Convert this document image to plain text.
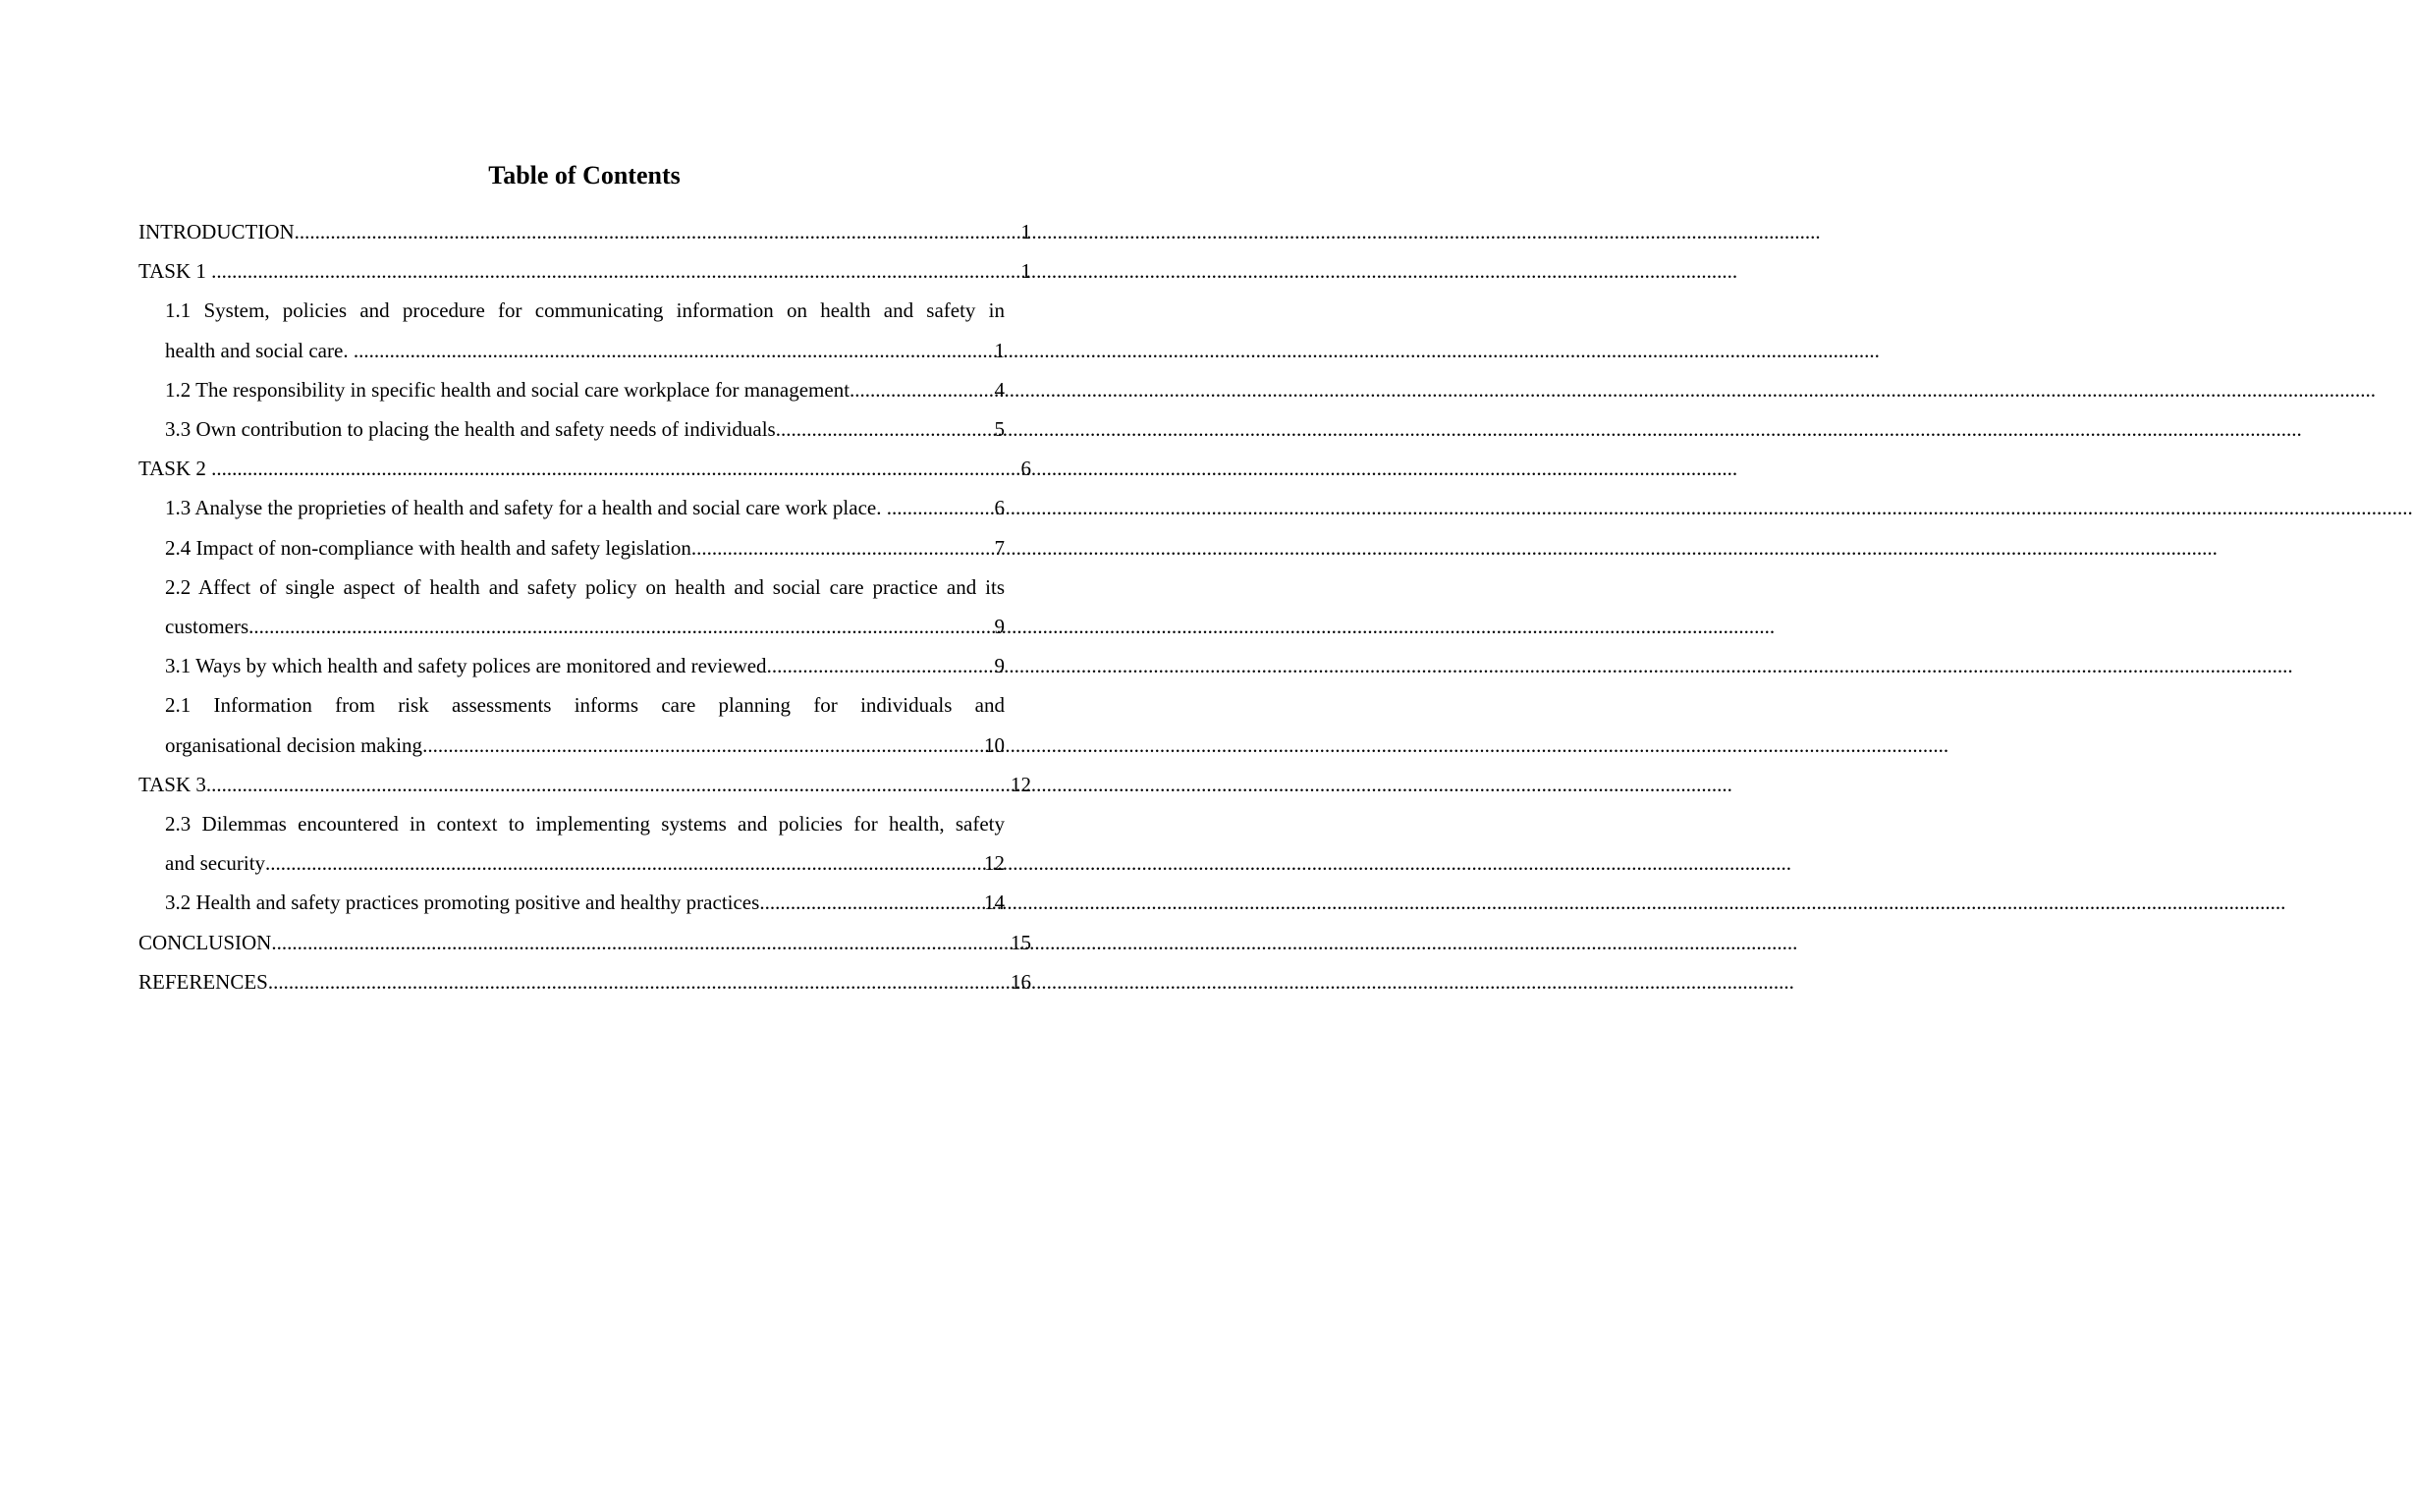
Table of Contents
INTRODUCTION .....	1
TASK 1 .....	1
1.1 System, policies and procedure for communicating information on health and safety in
health and social care. .....	1
1.2 The responsibility in specific health and social care workplace for management .....	4
3.3 Own contribution to placing the health and safety needs of individuals .....	5
TASK 2 .....	6
1.3 Analyse the proprieties of health and safety for a health and social care work place. .....	6
2.4 Impact of non-compliance with health and safety legislation .....	7
2.2 Affect of single aspect of health and safety policy on health and social care practice and its
customers .....	9
3.1 Ways by which health and safety polices are monitored and reviewed .....	9
2.1 Information from risk assessments informs care planning for individuals and
organisational decision making .....	10
TASK 3 .....	12
2.3 Dilemmas encountered in context to implementing systems and policies for health, safety
and security .....	12
3.2 Health and safety practices promoting positive and healthy practices .....	14
CONCLUSION .....	15
REFERENCES .....	16
